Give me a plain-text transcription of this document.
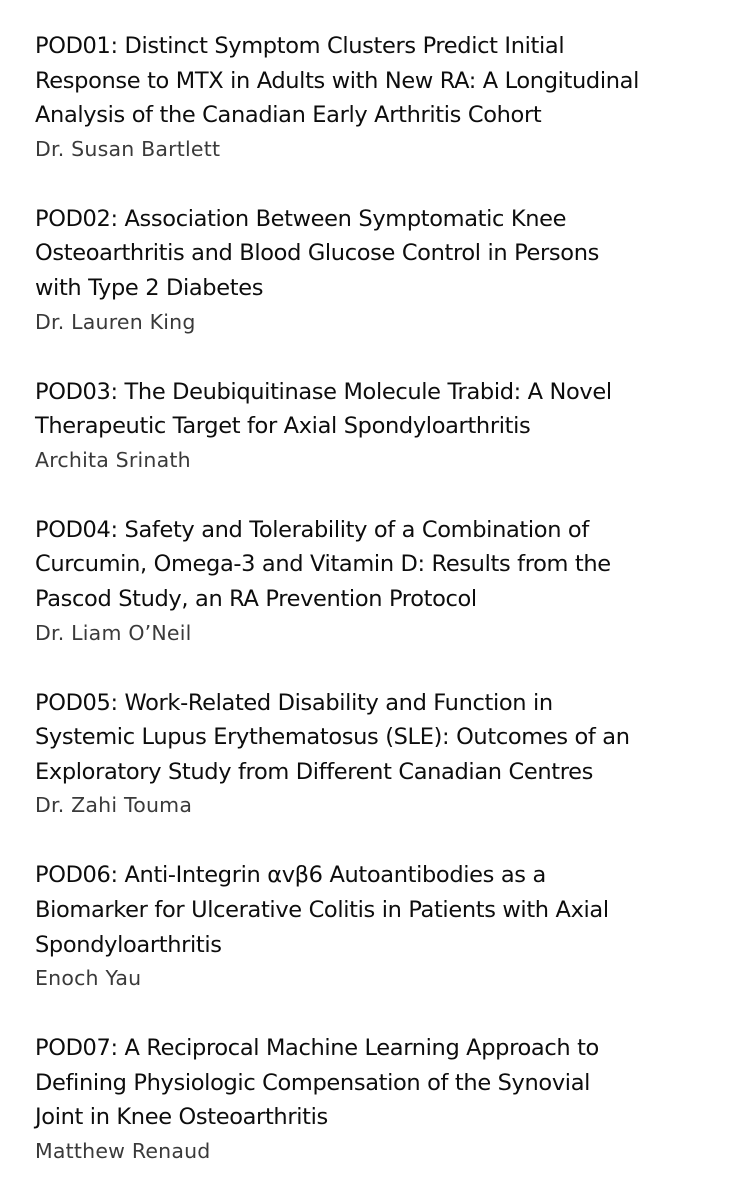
POD01: Distinct Symptom Clusters Predict Initial
Response to MTX in Adults with New RA: A Longitudinal
Analysis of the Canadian Early Arthritis Cohort
Dr. Susan Bartlett
POD02: Association Between Symptomatic Knee
Osteoarthritis and Blood Glucose Control in Persons
with Type 2 Diabetes
Dr. Lauren King
POD03: The Deubiquitinase Molecule Trabid: A Novel
Therapeutic Target for Axial Spondyloarthritis
Archita Srinath
POD04: Safety and Tolerability of a Combination of
Curcumin, Omega-3 and Vitamin D: Results from the
Pascod Study, an RA Prevention Protocol
Dr. Liam O’Neil
POD05: Work-Related Disability and Function in
Systemic Lupus Erythematosus (SLE): Outcomes of an
Exploratory Study from Different Canadian Centres
Dr. Zahi Touma
POD06: Anti-Integrin αvβ6 Autoantibodies as a
Biomarker for Ulcerative Colitis in Patients with Axial
Spondyloarthritis
Enoch Yau
POD07: A Reciprocal Machine Learning Approach to
Defining Physiologic Compensation of the Synovial
Joint in Knee Osteoarthritis
Matthew Renaud
